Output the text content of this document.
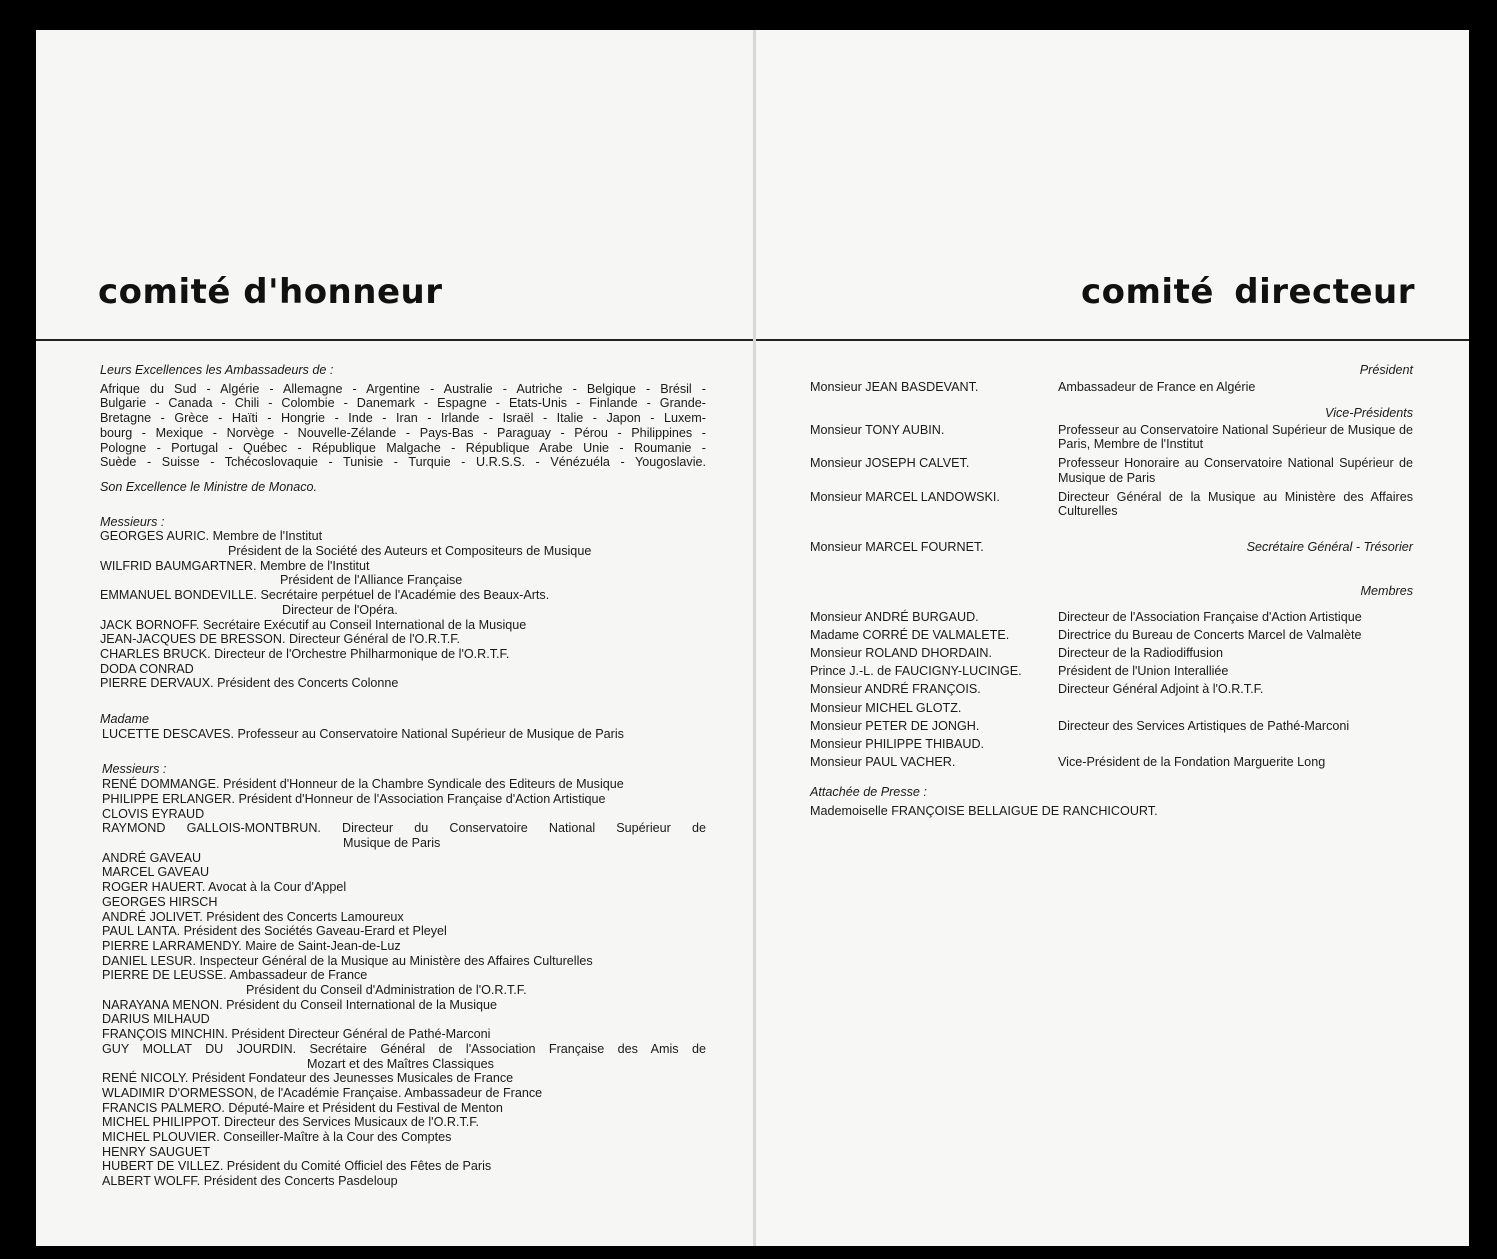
comité d'honneur
Leurs Excellences les Ambassadeurs de :
Afrique du Sud - Algérie - Allemagne - Argentine - Australie - Autriche - Belgique - Brésil -
Bulgarie - Canada - Chili - Colombie - Danemark - Espagne - Etats-Unis - Finlande - Grande-
Bretagne - Grèce - Haïti - Hongrie - Inde - Iran - Irlande - Israël - Italie - Japon - Luxem-
bourg - Mexique - Norvège - Nouvelle-Zélande - Pays-Bas - Paraguay - Pérou - Philippines -
Pologne - Portugal - Québec - République Malgache - République Arabe Unie - Roumanie -
Suède - Suisse - Tchécoslovaquie - Tunisie - Turquie - U.R.S.S. - Vénézuéla - Yougoslavie.
Son Excellence le Ministre de Monaco.
Messieurs :
GEORGES AURIC. Membre de l'Institut
Président de la Société des Auteurs et Compositeurs de Musique
WILFRID BAUMGARTNER. Membre de l'Institut
Président de l'Alliance Française
EMMANUEL BONDEVILLE. Secrétaire perpétuel de l'Académie des Beaux-Arts.
Directeur de l'Opéra.
JACK BORNOFF. Secrétaire Exécutif au Conseil International de la Musique
JEAN-JACQUES DE BRESSON. Directeur Général de l'O.R.T.F.
CHARLES BRUCK. Directeur de l'Orchestre Philharmonique de l'O.R.T.F.
DODA CONRAD
PIERRE DERVAUX. Président des Concerts Colonne
Madame
LUCETTE DESCAVES. Professeur au Conservatoire National Supérieur de Musique de Paris
Messieurs :
RENÉ DOMMANGE. Président d'Honneur de la Chambre Syndicale des Editeurs de Musique
PHILIPPE ERLANGER. Président d'Honneur de l'Association Française d'Action Artistique
CLOVIS EYRAUD
RAYMOND GALLOIS-MONTBRUN. Directeur du Conservatoire National Supérieur de
Musique de Paris
ANDRÉ GAVEAU
MARCEL GAVEAU
ROGER HAUERT. Avocat à la Cour d'Appel
GEORGES HIRSCH
ANDRÉ JOLIVET. Président des Concerts Lamoureux
PAUL LANTA. Président des Sociétés Gaveau-Erard et Pleyel
PIERRE LARRAMENDY. Maire de Saint-Jean-de-Luz
DANIEL LESUR. Inspecteur Général de la Musique au Ministère des Affaires Culturelles
PIERRE DE LEUSSE. Ambassadeur de France
Président du Conseil d'Administration de l'O.R.T.F.
NARAYANA MENON. Président du Conseil International de la Musique
DARIUS MILHAUD
FRANÇOIS MINCHIN. Président Directeur Général de Pathé-Marconi
GUY MOLLAT DU JOURDIN. Secrétaire Général de l'Association Française des Amis de
Mozart et des Maîtres Classiques
RENÉ NICOLY. Président Fondateur des Jeunesses Musicales de France
WLADIMIR D'ORMESSON, de l'Académie Française. Ambassadeur de France
FRANCIS PALMERO. Député-Maire et Président du Festival de Menton
MICHEL PHILIPPOT. Directeur des Services Musicaux de l'O.R.T.F.
MICHEL PLOUVIER. Conseiller-Maître à la Cour des Comptes
HENRY SAUGUET
HUBERT DE VILLEZ. Président du Comité Officiel des Fêtes de Paris
ALBERT WOLFF. Président des Concerts Pasdeloup
comité directeur
Président
Monsieur JEAN BASDEVANT.	Ambassadeur de France en Algérie
Vice-Présidents
Monsieur TONY AUBIN.	Professeur au Conservatoire National Supérieur de Musique de Paris, Membre de l'Institut
Monsieur JOSEPH CALVET.	Professeur Honoraire au Conservatoire National Supérieur de Musique de Paris
Monsieur MARCEL LANDOWSKI.	Directeur Général de la Musique au Ministère des Affaires Culturelles
Monsieur MARCEL FOURNET.	Secrétaire Général - Trésorier
Membres
Monsieur ANDRÉ BURGAUD.	Directeur de l'Association Française d'Action Artistique
Madame CORRÉ DE VALMALETE.	Directrice du Bureau de Concerts Marcel de Valmalète
Monsieur ROLAND DHORDAIN.	Directeur de la Radiodiffusion
Prince J.-L. de FAUCIGNY-LUCINGE.	Président de l'Union Interalliée
Monsieur ANDRÉ FRANÇOIS.	Directeur Général Adjoint à l'O.R.T.F.
Monsieur MICHEL GLOTZ.
Monsieur PETER DE JONGH.	Directeur des Services Artistiques de Pathé-Marconi
Monsieur PHILIPPE THIBAUD.
Monsieur PAUL VACHER.	Vice-Président de la Fondation Marguerite Long
Attachée de Presse :
Mademoiselle FRANÇOISE BELLAIGUE DE RANCHICOURT.
